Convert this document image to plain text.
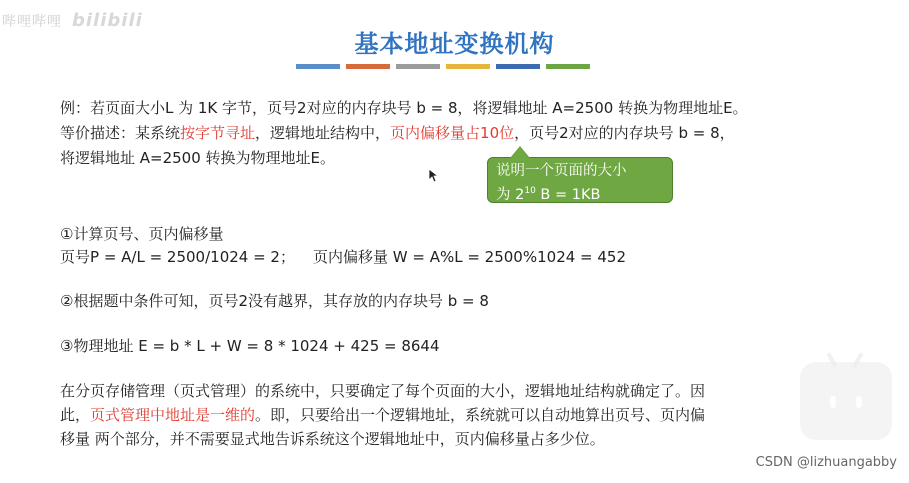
哔哩哔哩 bilibili
基本地址变换机构
例：若页面大小L 为 1K 字节，页号2对应的内存块号 b = 8，将逻辑地址 A=2500 转换为物理地址E。
等价描述：某系统按字节寻址，逻辑地址结构中，页内偏移量占10位，页号2对应的内存块号 b = 8，
将逻辑地址 A=2500 转换为物理地址E。
说明一个页面的大小
为 $2^{10}$ B = 1KB
①计算页号、页内偏移量
页号P = A/L = 2500/1024 = 2； 页内偏移量 W = A%L = 2500%1024 = 452
②根据题中条件可知，页号2没有越界，其存放的内存块号 b = 8
③物理地址 E = b * L + W = 8 * 1024 + 425 = 8644
在分页存储管理（页式管理）的系统中，只要确定了每个页面的大小，逻辑地址结构就确定了。因
此，页式管理中地址是一维的。即，只要给出一个逻辑地址，系统就可以自动地算出页号、页内偏
移量 两个部分，并不需要显式地告诉系统这个逻辑地址中，页内偏移量占多少位。
CSDN @lizhuangabby
